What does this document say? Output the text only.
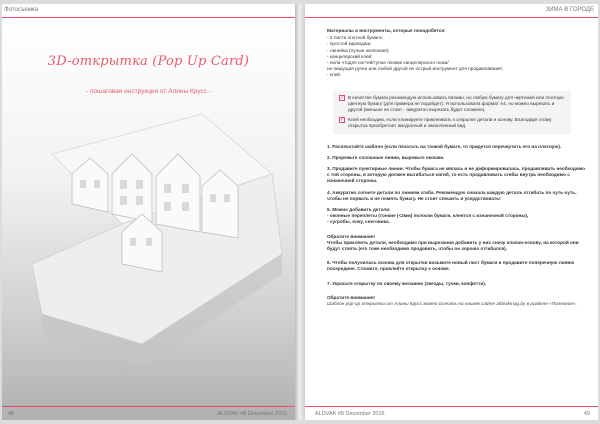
Фотосъемка
3D-открытка (Pop Up Card)
- пошаговая инструкция от Алины Крусс -
48	ALDVAK #8 December 2016
ЗИМА В ГОРОДЕ
Материалы и инструменты, которые понадобятся:
- 2 листа плотной бумаги;
- простой карандаш;
- линейка (лучше железная);
- канцелярский клей;
- пила чтодля ногтей/тупое лезвие канцелярского ножа/
не пишущая ручка или любой другой не острый инструмент для продавливания;
- клей.
✓ В качестве бумаги рекомендую использовать ватман, но любую бумагу для чертежей или плотную цветную бумагу (для примера не подойдет). Я использовала формат А4, но можно вырезать и другой (меньше не стоит - аккуратно вырезать будет сложнее).
✓ Клей необходим, если планируете приклеивать к открытке детали и основу. Благодаря этому открытка приобретает аккуратный и законченный вид.
1. Распечатайте шаблон (если печатать на тонкой бумаге, то придется перечертить его на плотную).
2. Прорежьте сплошные линии, вырежьте окошки.
3. Продавите пунктирные линии. Чтобы бумага не мялась и не деформировалась, продавливать необходимо с той стороны, в которую должен выгибаться изгиб, то есть продавливать сгибы внутрь необходимо с изнаночной стороны.
4. Аккуратно согните детали по линиям сгиба. Рекомендую сначала каждую деталь отгибать по чуть-чуть, чтобы не порвать и не помять бумагу. Не стоит спешить и усердствовать!
5. Можно добавить детали:
- оконные переплеты (тонкие (<2мм) полоски бумаги, клеятся с изнаночной стороны),
- сугробы, елку, снеговика.
Обратите внимание!
Чтобы приклеить детали, необходимо при вырезании добавить у них снизу клапан-основу, на которой они будут стоять (его тоже необходимо продавить, чтобы он хорошо отгибался).
6. Чтобы получилась основа для открытки возьмите новый лист бумаги и продавите поперечную линию посередине. Сложите, приклейте открытку к основе.
7. Украсьте открытку по своему желанию (звезды, тучки, конфетти).
Обратите внимание!
Шаблон pop-up открытки от Алины Крусс можно скачать на нашем сайте aldvakmag.by в разделе «Полезное».
ALDVAK #8 December 2016	49
